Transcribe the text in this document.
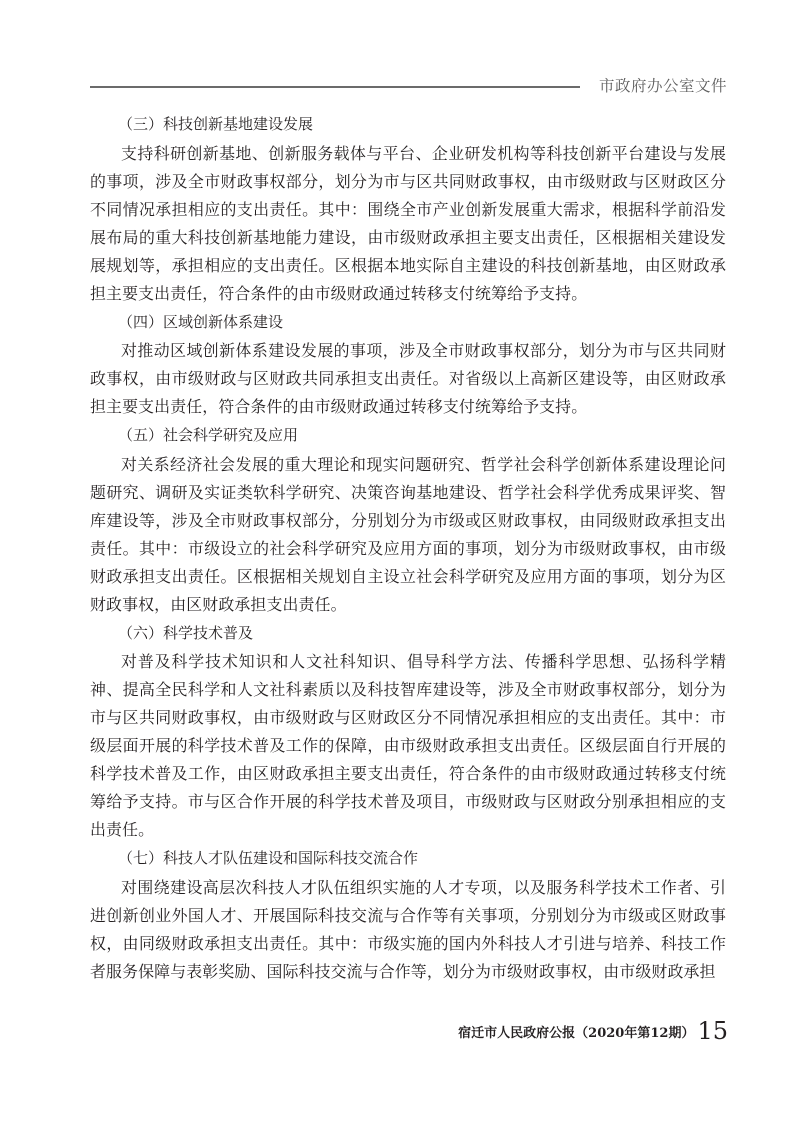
市政府办公室文件

（三）科技创新基地建设发展

支持科研创新基地、创新服务载体与平台、企业研发机构等科技创新平台建设与发展的事项，涉及全市财政事权部分，划分为市与区共同财政事权，由市级财政与区财政区分不同情况承担相应的支出责任。其中：围绕全市产业创新发展重大需求，根据科学前沿发展布局的重大科技创新基地能力建设，由市级财政承担主要支出责任，区根据相关建设发展规划等，承担相应的支出责任。区根据本地实际自主建设的科技创新基地，由区财政承担主要支出责任，符合条件的由市级财政通过转移支付统筹给予支持。

（四）区域创新体系建设

对推动区域创新体系建设发展的事项，涉及全市财政事权部分，划分为市与区共同财政事权，由市级财政与区财政共同承担支出责任。对省级以上高新区建设等，由区财政承担主要支出责任，符合条件的由市级财政通过转移支付统筹给予支持。

（五）社会科学研究及应用

对关系经济社会发展的重大理论和现实问题研究、哲学社会科学创新体系建设理论问题研究、调研及实证类软科学研究、决策咨询基地建设、哲学社会科学优秀成果评奖、智库建设等，涉及全市财政事权部分，分别划分为市级或区财政事权，由同级财政承担支出责任。其中：市级设立的社会科学研究及应用方面的事项，划分为市级财政事权，由市级财政承担支出责任。区根据相关规划自主设立社会科学研究及应用方面的事项，划分为区财政事权，由区财政承担支出责任。

（六）科学技术普及

对普及科学技术知识和人文社科知识、倡导科学方法、传播科学思想、弘扬科学精神、提高全民科学和人文社科素质以及科技智库建设等，涉及全市财政事权部分，划分为市与区共同财政事权，由市级财政与区财政区分不同情况承担相应的支出责任。其中：市级层面开展的科学技术普及工作的保障，由市级财政承担支出责任。区级层面自行开展的科学技术普及工作，由区财政承担主要支出责任，符合条件的由市级财政通过转移支付统筹给予支持。市与区合作开展的科学技术普及项目，市级财政与区财政分别承担相应的支出责任。

（七）科技人才队伍建设和国际科技交流合作

对围绕建设高层次科技人才队伍组织实施的人才专项，以及服务科学技术工作者、引进创新创业外国人才、开展国际科技交流与合作等有关事项，分别划分为市级或区财政事权，由同级财政承担支出责任。其中：市级实施的国内外科技人才引进与培养、科技工作者服务保障与表彰奖励、国际科技交流与合作等，划分为市级财政事权，由市级财政承担

宿迁市人民政府公报（2020年第12期） 15
